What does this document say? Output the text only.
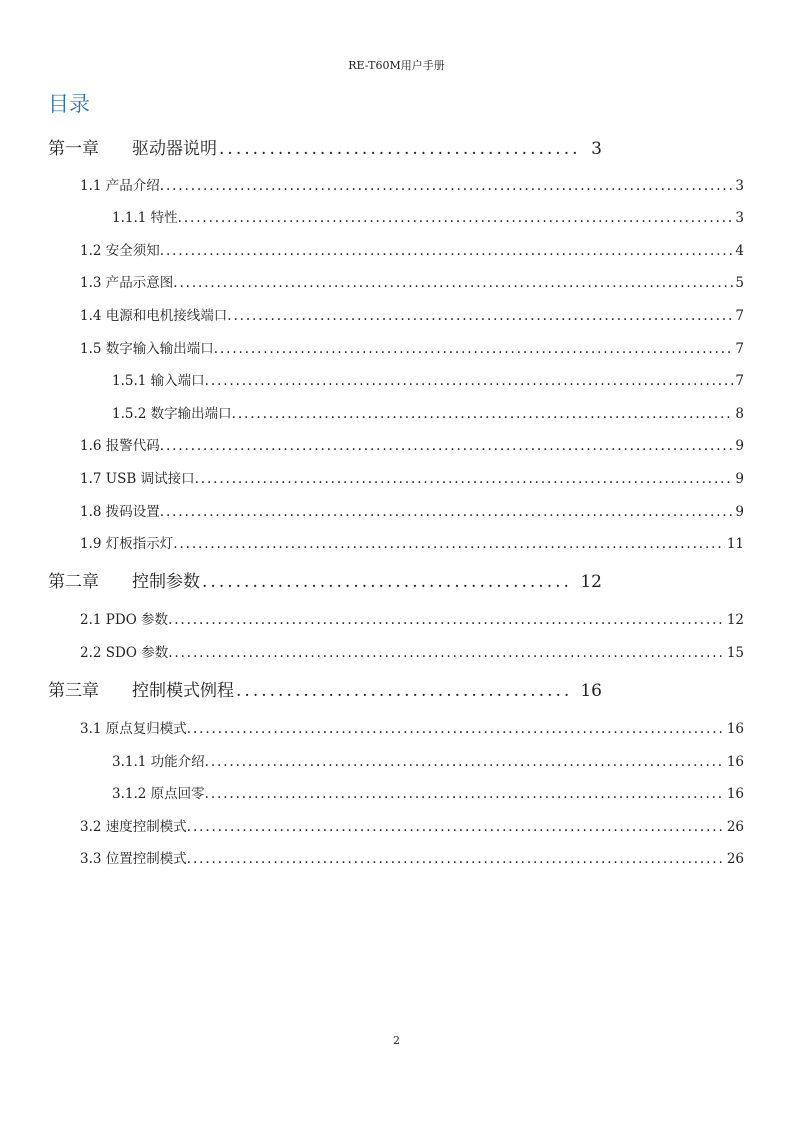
RE-T60M用户手册
目录
第一章 驱动器说明 . . .	3
1.1 产品介绍 . . .	3
1.1.1 特性 . . .	3
1.2 安全须知 . . .	4
1.3 产品示意图 . . .	5
1.4 电源和电机接线端口 . . .	7
1.5 数字输入输出端口 . . .	7
1.5.1 输入端口 . . .	7
1.5.2 数字输出端口 . . .	8
1.6 报警代码 . . .	9
1.7 USB 调试接口 . . .	9
1.8 拨码设置 . . .	9
1.9 灯板指示灯 . . .	11
第二章 控制参数 . . .	12
2.1 PDO 参数 . . .	12
2.2 SDO 参数 . . .	15
第三章 控制模式例程 . . .	16
3.1 原点复归模式 . . .	16
3.1.1 功能介绍 . . .	16
3.1.2 原点回零 . . .	16
3.2 速度控制模式 . . .	26
3.3 位置控制模式 . . .	26
2
